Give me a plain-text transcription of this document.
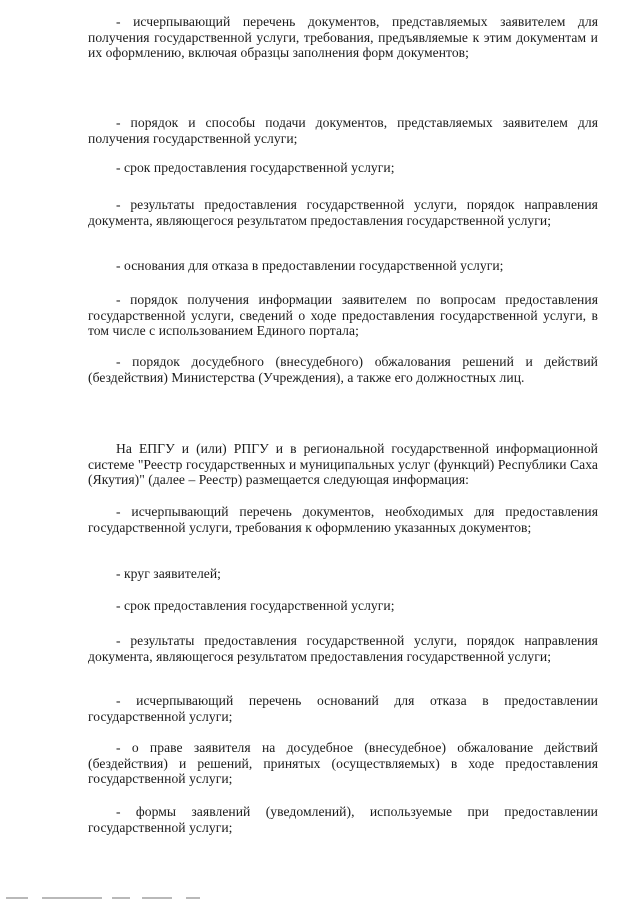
- исчерпывающий перечень документов, представляемых заявителем для получения государственной услуги, требования, предъявляемые к этим документам и их оформлению, включая образцы заполнения форм документов;

- порядок и способы подачи документов, представляемых заявителем для получения государственной услуги;

- срок предоставления государственной услуги;

- результаты предоставления государственной услуги, порядок направления документа, являющегося результатом предоставления государственной услуги;

- основания для отказа в предоставлении государственной услуги;

- порядок получения информации заявителем по вопросам предоставления государственной услуги, сведений о ходе предоставления государственной услуги, в том числе с использованием Единого портала;

- порядок досудебного (внесудебного) обжалования решений и действий (бездействия) Министерства (Учреждения), а также его должностных лиц.

На ЕПГУ и (или) РПГУ и в региональной государственной информационной системе "Реестр государственных и муниципальных услуг (функций) Республики Саха (Якутия)" (далее – Реестр) размещается следующая информация:

- исчерпывающий перечень документов, необходимых для предоставления государственной услуги, требования к оформлению указанных документов;

- круг заявителей;

- срок предоставления государственной услуги;

- результаты предоставления государственной услуги, порядок направления документа, являющегося результатом предоставления государственной услуги;

- исчерпывающий перечень оснований для отказа в предоставлении государственной услуги;

- о праве заявителя на досудебное (внесудебное) обжалование действий (бездействия) и решений, принятых (осуществляемых) в ходе предоставления государственной услуги;

- формы заявлений (уведомлений), используемые при предоставлении государственной услуги;
